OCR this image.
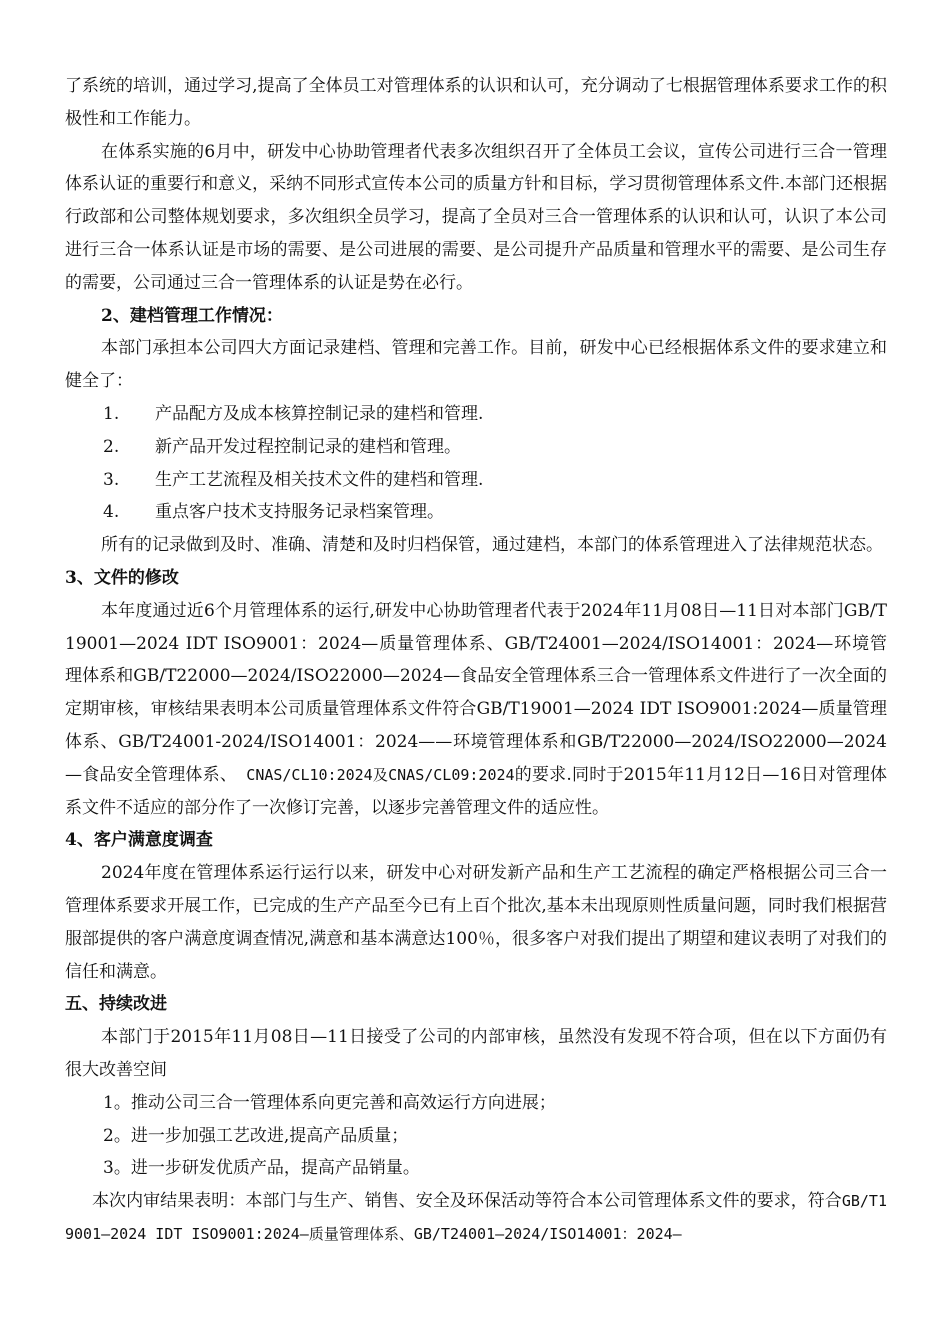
了系统的培训，通过学习,提高了全体员工对管理体系的认识和认可，充分调动了七根据管理体系要求工作的积极性和工作能力。

在体系实施的6月中，研发中心协助管理者代表多次组织召开了全体员工会议，宣传公司进行三合一管理体系认证的重要行和意义，采纳不同形式宣传本公司的质量方针和目标，学习贯彻管理体系文件.本部门还根据行政部和公司整体规划要求，多次组织全员学习，提高了全员对三合一管理体系的认识和认可，认识了本公司进行三合一体系认证是市场的需要、是公司进展的需要、是公司提升产品质量和管理水平的需要、是公司生存的需要，公司通过三合一管理体系的认证是势在必行。

2、建档管理工作情况：

本部门承担本公司四大方面记录建档、管理和完善工作。目前，研发中心已经根据体系文件的要求建立和健全了：

1.	产品配方及成本核算控制记录的建档和管理.
2.	新产品开发过程控制记录的建档和管理。
3.	生产工艺流程及相关技术文件的建档和管理.
4.	重点客户技术支持服务记录档案管理。

所有的记录做到及时、准确、清楚和及时归档保管，通过建档，本部门的体系管理进入了法律规范状态。

3、文件的修改

本年度通过近6个月管理体系的运行,研发中心协助管理者代表于2024年11月08日—11日对本部门GB/T19001—2024 IDT ISO9001：2024—质量管理体系、GB/T24001—2024/ISO14001：2024—环境管理体系和GB/T22000—2024/ISO22000—2024—食品安全管理体系三合一管理体系文件进行了一次全面的定期审核，审核结果表明本公司质量管理体系文件符合GB/T19001—2024 IDT ISO9001:2024—质量管理体系、GB/T24001-2024/ISO14001：2024——环境管理体系和GB/T22000—2024/ISO22000—2024—食品安全管理体系、 CNAS/CL10:2024及CNAS/CL09:2024的要求.同时于2015年11月12日—16日对管理体系文件不适应的部分作了一次修订完善，以逐步完善管理文件的适应性。

4、客户满意度调查

2024年度在管理体系运行运行以来，研发中心对研发新产品和生产工艺流程的确定严格根据公司三合一管理体系要求开展工作，已完成的生产产品至今已有上百个批次,基本未出现原则性质量问题，同时我们根据营服部提供的客户满意度调查情况,满意和基本满意达100％，很多客户对我们提出了期望和建议表明了对我们的信任和满意。

五、持续改进

本部门于2015年11月08日—11日接受了公司的内部审核，虽然没有发现不符合项，但在以下方面仍有很大改善空间

1。推动公司三合一管理体系向更完善和高效运行方向进展；

2。进一步加强工艺改进,提高产品质量；

3。进一步研发优质产品，提高产品销量。

本次内审结果表明：本部门与生产、销售、安全及环保活动等符合本公司管理体系文件的要求，符合GB/T19001—2024 IDT ISO9001:2024—质量管理体系、GB/T24001—2024/ISO14001：2024—
